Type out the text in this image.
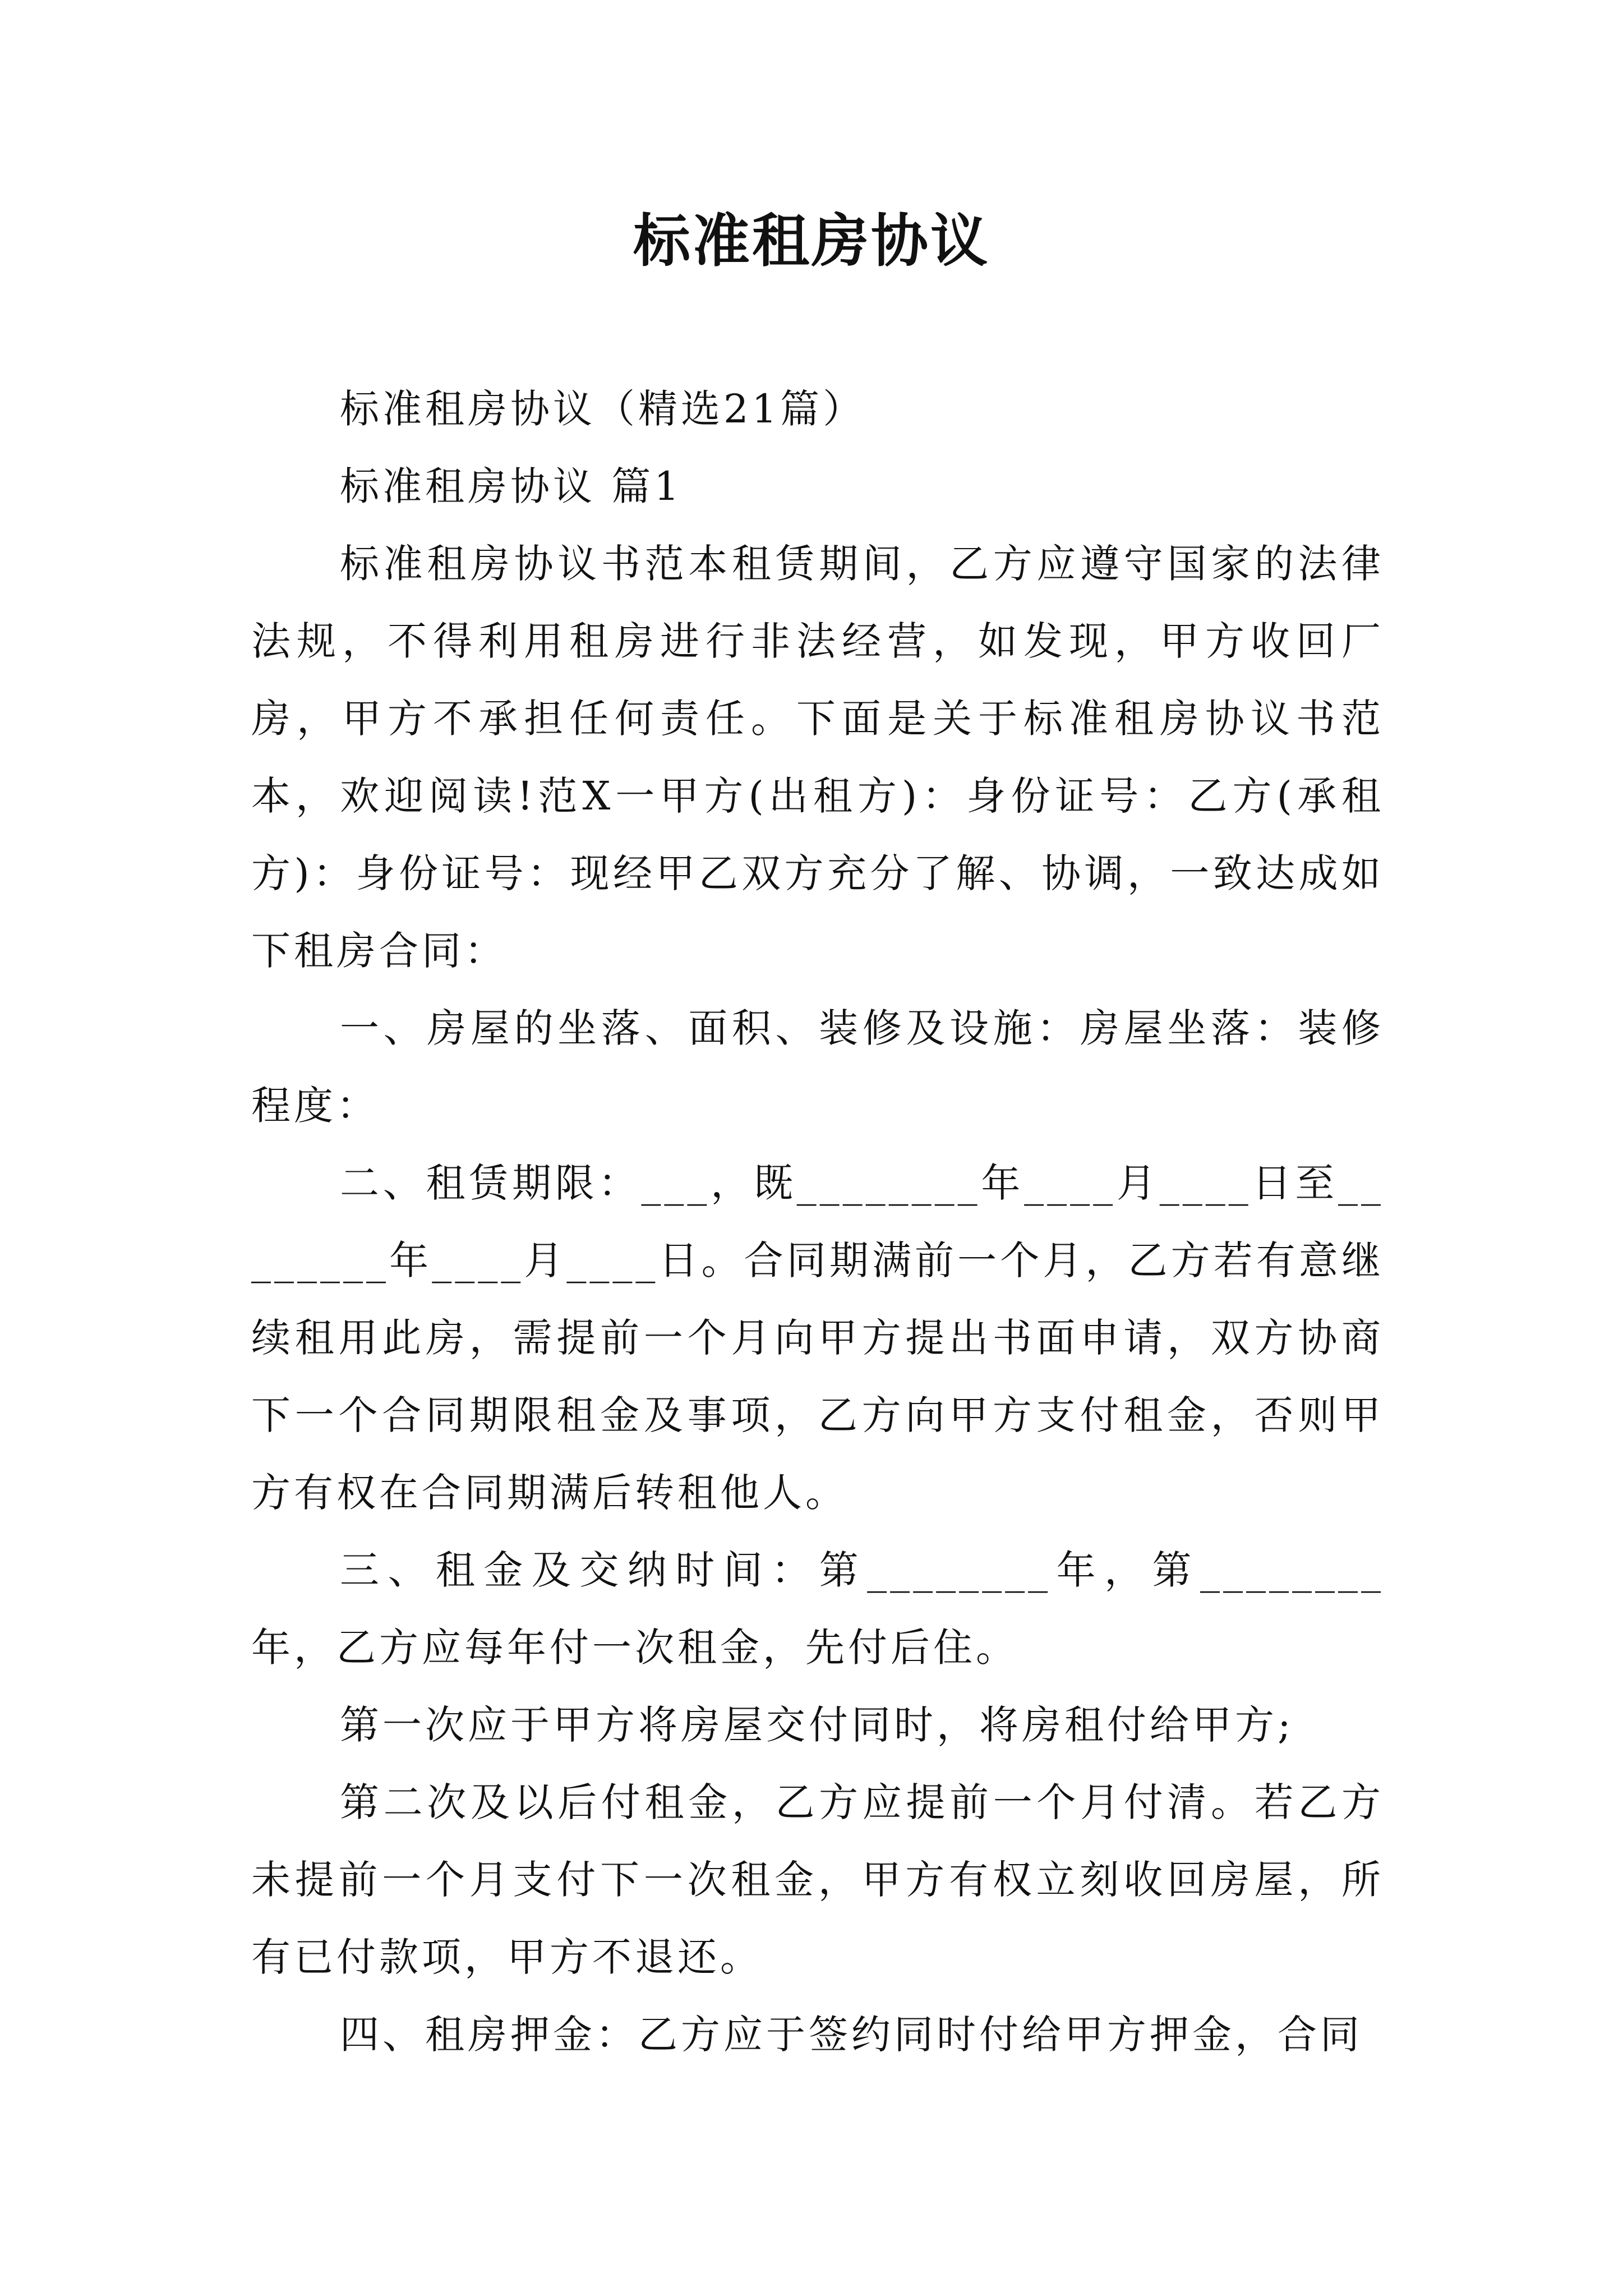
标准租房协议

标准租房协议（精选21篇）

标准租房协议 篇1

标准租房协议书范本租赁期间，乙方应遵守国家的法律法规，不得利用租房进行非法经营，如发现，甲方收回厂房，甲方不承担任何责任。下面是关于标准租房协议书范本，欢迎阅读!范X一甲方(出租方)：身份证号：乙方(承租方)：身份证号：现经甲乙双方充分了解、协调，一致达成如下租房合同：

一、房屋的坐落、面积、装修及设施：房屋坐落：装修程度：

二、租赁期限：___，既________年____月____日至________年____月____日。合同期满前一个月，乙方若有意继续租用此房，需提前一个月向甲方提出书面申请，双方协商下一个合同期限租金及事项，乙方向甲方支付租金，否则甲方有权在合同期满后转租他人。

三、租金及交纳时间：第________年，第________年，乙方应每年付一次租金，先付后住。

第一次应于甲方将房屋交付同时，将房租付给甲方;

第二次及以后付租金，乙方应提前一个月付清。若乙方未提前一个月支付下一次租金，甲方有权立刻收回房屋，所有已付款项，甲方不退还。

四、租房押金：乙方应于签约同时付给甲方押金，合同
